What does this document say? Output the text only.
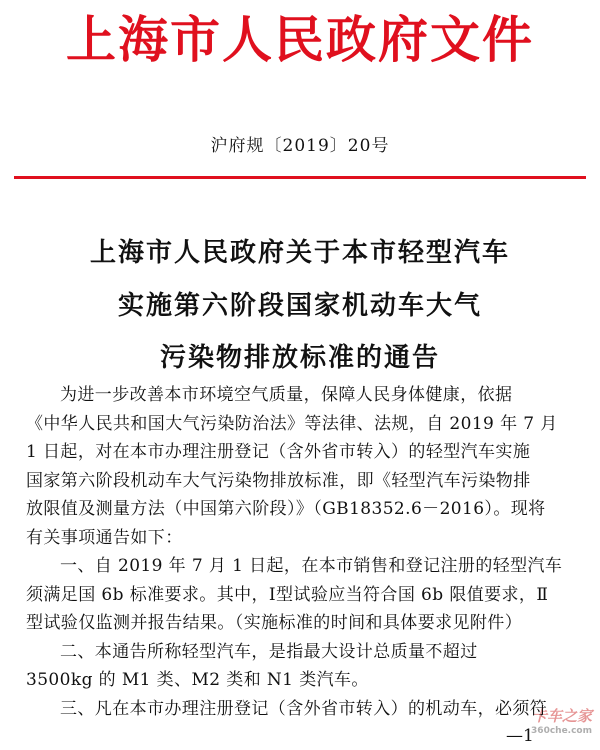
上海市人民政府文件
沪府规〔2019〕20号
上海市人民政府关于本市轻型汽车
实施第六阶段国家机动车大气
污染物排放标准的通告
—1
卡车之家
360che.com
为进一步改善本市环境空气质量，保障人民身体健康，依据
《中华人民共和国大气污染防治法》等法律、法规，自 2019 年 7 月
1 日起，对在本市办理注册登记（含外省市转入）的轻型汽车实施
国家第六阶段机动车大气污染物排放标准，即《轻型汽车污染物排
放限值及测量方法（中国第六阶段）》（GB18352.6－2016）。现将
有关事项通告如下：
一、自 2019 年 7 月 1 日起，在本市销售和登记注册的轻型汽车
须满足国 6b 标准要求。其中，Ⅰ型试验应当符合国 6b 限值要求，Ⅱ
型试验仅监测并报告结果。（实施标准的时间和具体要求见附件）
二、本通告所称轻型汽车，是指最大设计总质量不超过
3500kg 的 M1 类、M2 类和 N1 类汽车。
三、凡在本市办理注册登记（含外省市转入）的机动车，必须符
